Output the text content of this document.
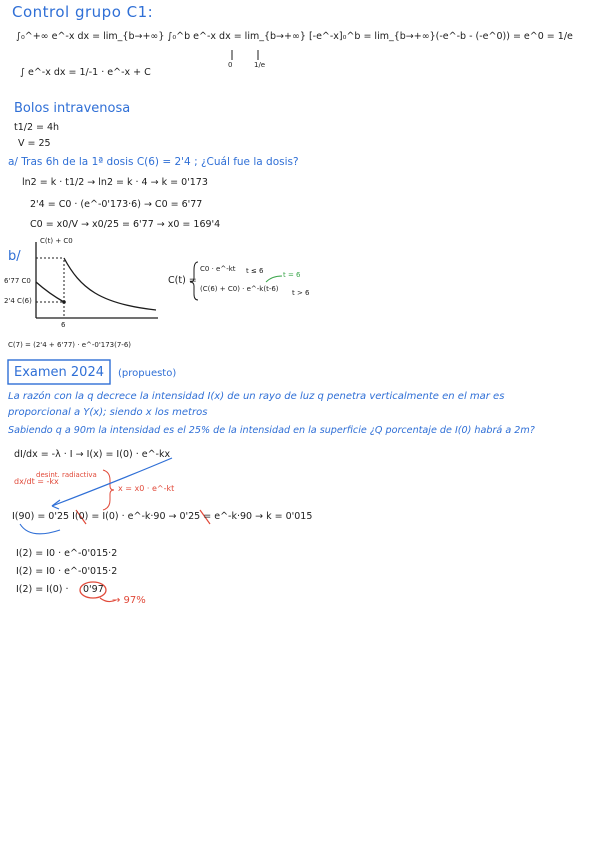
Control grupo C1:
∫₀^+∞ e^-x dx = lim_{b→+∞} ∫₀^b e^-x dx = lim_{b→+∞} [-e^-x]₀^b = lim_{b→+∞}(-e^-b - (-e^0)) = e^0 = 1/e
0	1/e
∫ e^-x dx = 1/-1 · e^-x + C
Bolos intravenosa
t1/2 = 4h
V = 25
a/ Tras 6h de la 1ª dosis C(6) = 2'4 ; ¿Cuál fue la dosis?
ln2 = k · t1/2 → ln2 = k · 4 → k = 0'173
2'4 = C0 · (e^-0'173·6) → C0 = 6'77
C0 = x0/V → x0/25 = 6'77 → x0 = 169'4
b/
C(t) + C0
6'77 C0
2'4 C(6)
6
C(t) =
C0 · e^-kt t ≤ 6
(C(6) + C0) · e^-k(t-6) t > 6
t = 6
C(7) = (2'4 + 6'77) · e^-0'173(7-6)
Examen 2024 (propuesto)
La razón con la q decrece la intensidad I(x) de un rayo de luz q penetra verticalmente en el mar es
proporcional a Y(x); siendo x los metros
Sabiendo q a 90m la intensidad es el 25% de la intensidad en la superficie ¿Q porcentaje de I(0) habrá a 2m?
dI/dx = -λ · I → I(x) = I(0) · e^-kx
dx/dt = -kx
desint. radiactiva
x = x0 · e^-kt
I(90) = 0'25 I(0) = I(0) · e^-k·90 → 0'25 = e^-k·90 → k = 0'015
I(2) = I0 · e^-0'015·2
I(2) = I0 · e^-0'015·2
I(2) = I(0) · 0'97
→ 97%
